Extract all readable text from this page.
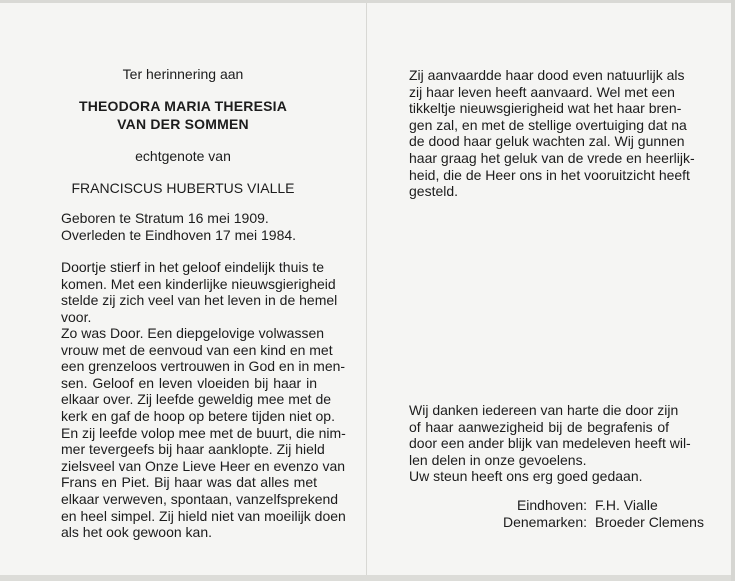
Ter herinnering aan
THEODORA MARIA THERESIA
VAN DER SOMMEN
echtgenote van
FRANCISCUS HUBERTUS VIALLE
Geboren te Stratum 16 mei 1909.
Overleden te Eindhoven 17 mei 1984.
Doortje stierf in het geloof eindelijk thuis te
komen. Met een kinderlijke nieuwsgierigheid
stelde zij zich veel van het leven in de hemel
voor.
Zo was Door. Een diepgelovige volwassen
vrouw met de eenvoud van een kind en met
een grenzeloos vertrouwen in God en in men-
sen. Geloof en leven vloeiden bij haar in
elkaar over. Zij leefde geweldig mee met de
kerk en gaf de hoop op betere tijden niet op.
En zij leefde volop mee met de buurt, die nim-
mer tevergeefs bij haar aanklopte. Zij hield
zielsveel van Onze Lieve Heer en evenzo van
Frans en Piet. Bij haar was dat alles met
elkaar verweven, spontaan, vanzelfsprekend
en heel simpel. Zij hield niet van moeilijk doen
als het ook gewoon kan.
Zij aanvaardde haar dood even natuurlijk als
zij haar leven heeft aanvaard. Wel met een
tikkeltje nieuwsgierigheid wat het haar bren-
gen zal, en met de stellige overtuiging dat na
de dood haar geluk wachten zal. Wij gunnen
haar graag het geluk van de vrede en heerlijk-
heid, die de Heer ons in het vooruitzicht heeft
gesteld.
Wij danken iedereen van harte die door zijn
of haar aanwezigheid bij de begrafenis of
door een ander blijk van medeleven heeft wil-
len delen in onze gevoelens.
Uw steun heeft ons erg goed gedaan.
Eindhoven: F.H. Vialle
Denemarken: Broeder Clemens
